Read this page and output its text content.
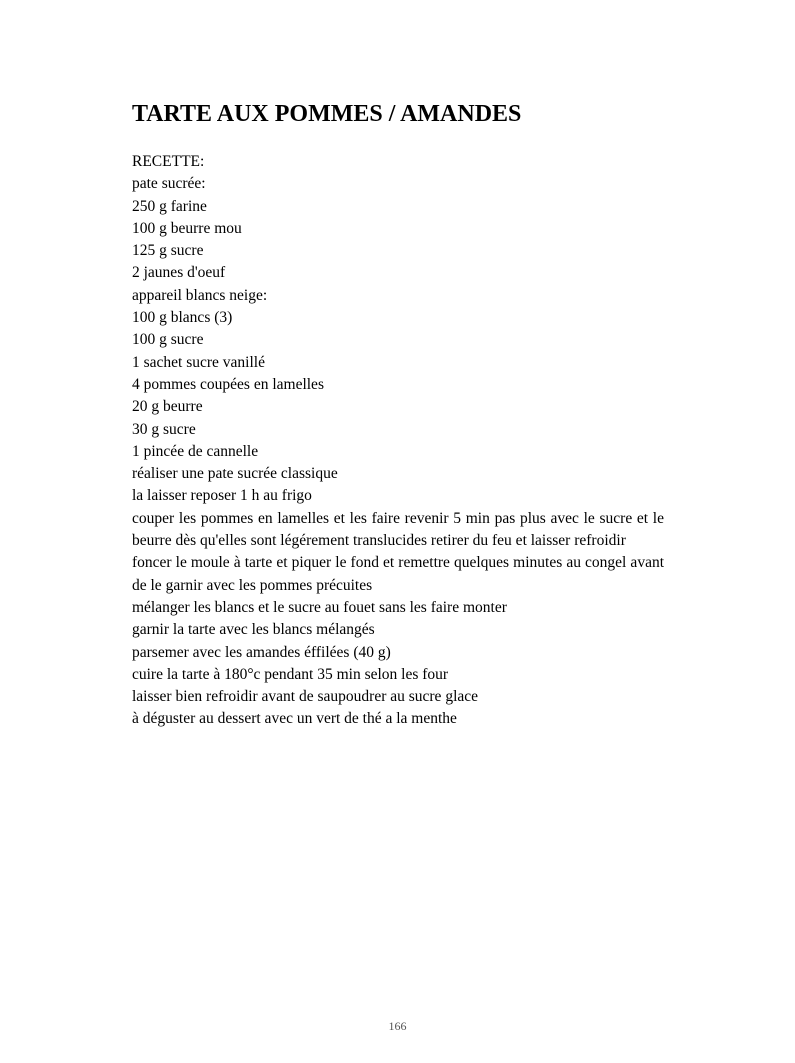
TARTE AUX POMMES / AMANDES
RECETTE:
pate sucrée:
250 g farine
100 g beurre mou
125 g sucre
2 jaunes d'oeuf
appareil blancs neige:
100 g blancs (3)
100 g sucre
1 sachet sucre vanillé
4 pommes coupées en lamelles
20 g beurre
30 g sucre
1 pincée de cannelle
réaliser une pate sucrée classique
la laisser reposer 1 h au frigo
couper les pommes en lamelles et les faire revenir 5 min pas plus avec le sucre et le beurre dès qu'elles sont légérement translucides retirer du feu et laisser refroidir
foncer le moule à tarte et piquer le fond et remettre quelques minutes au congel avant de le garnir avec les pommes précuites
mélanger les blancs et le sucre au fouet sans les faire monter
garnir la tarte avec les blancs mélangés
parsemer avec les amandes éffilées (40 g)
cuire la tarte à 180°c pendant 35 min selon les four
laisser bien refroidir avant de saupoudrer au sucre glace
à déguster au dessert avec un vert de thé a la menthe
166
